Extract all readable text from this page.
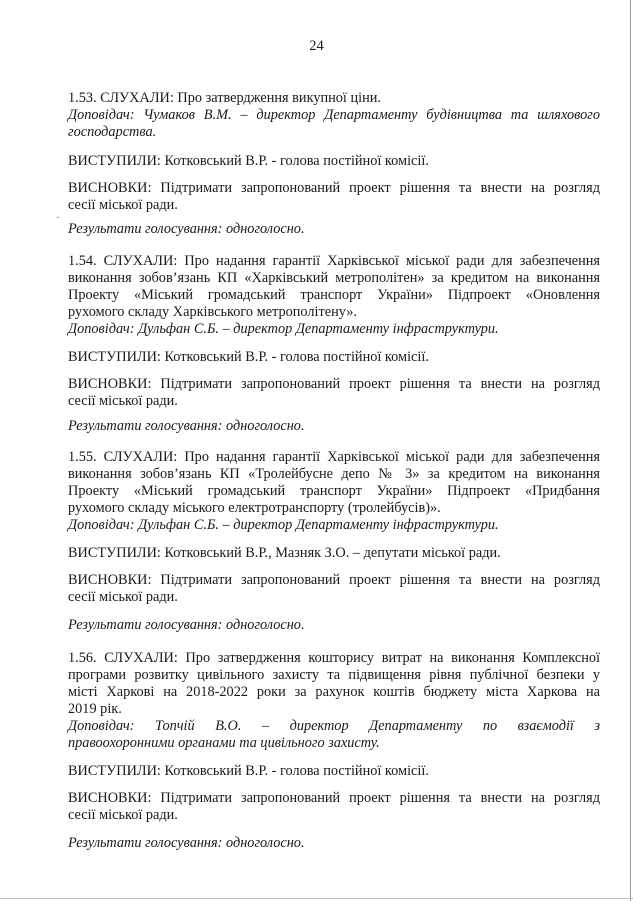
24
1.53. СЛУХАЛИ: Про затвердження викупної ціни.
Доповідач: Чумаков В.М. – директор Департаменту будівництва та шляхового
господарства.
ВИСТУПИЛИ: Котковський В.Р. - голова постійної комісії.
ВИСНОВКИ: Підтримати запропонований проект рішення та внести на розгляд
сесії міської ради.
Результати голосування: одноголосно.
·
1.54. СЛУХАЛИ: Про надання гарантії Харківської міської ради для забезпечення
виконання зобов’язань КП «Харківський метрополітен» за кредитом на виконання
Проекту «Міський громадський транспорт України» Підпроект «Оновлення
рухомого складу Харківського метрополітену».
Доповідач: Дульфан С.Б. – директор Департаменту інфраструктури.
ВИСТУПИЛИ: Котковський В.Р. - голова постійної комісії.
ВИСНОВКИ: Підтримати запропонований проект рішення та внести на розгляд
сесії міської ради.
Результати голосування: одноголосно.
1.55. СЛУХАЛИ: Про надання гарантії Харківської міської ради для забезпечення
виконання зобов’язань КП «Тролейбусне депо № 3» за кредитом на виконання
Проекту «Міський громадський транспорт України» Підпроект «Придбання
рухомого складу міського електротранспорту (тролейбусів)».
Доповідач: Дульфан С.Б. – директор Департаменту інфраструктури.
ВИСТУПИЛИ: Котковський В.Р., Мазняк З.О. – депутати міської ради.
ВИСНОВКИ: Підтримати запропонований проект рішення та внести на розгляд
сесії міської ради.
Результати голосування: одноголосно.
1.56. СЛУХАЛИ: Про затвердження кошторису витрат на виконання Комплексної
програми розвитку цивільного захисту та підвищення рівня публічної безпеки у
місті Харкові на 2018-2022 роки за рахунок коштів бюджету міста Харкова на
2019 рік.
Доповідач: Топчій В.О. – директор Департаменту по взаємодії з
правоохоронними органами та цивільного захисту.
ВИСТУПИЛИ: Котковський В.Р. - голова постійної комісії.
ВИСНОВКИ: Підтримати запропонований проект рішення та внести на розгляд
сесії міської ради.
Результати голосування: одноголосно.
